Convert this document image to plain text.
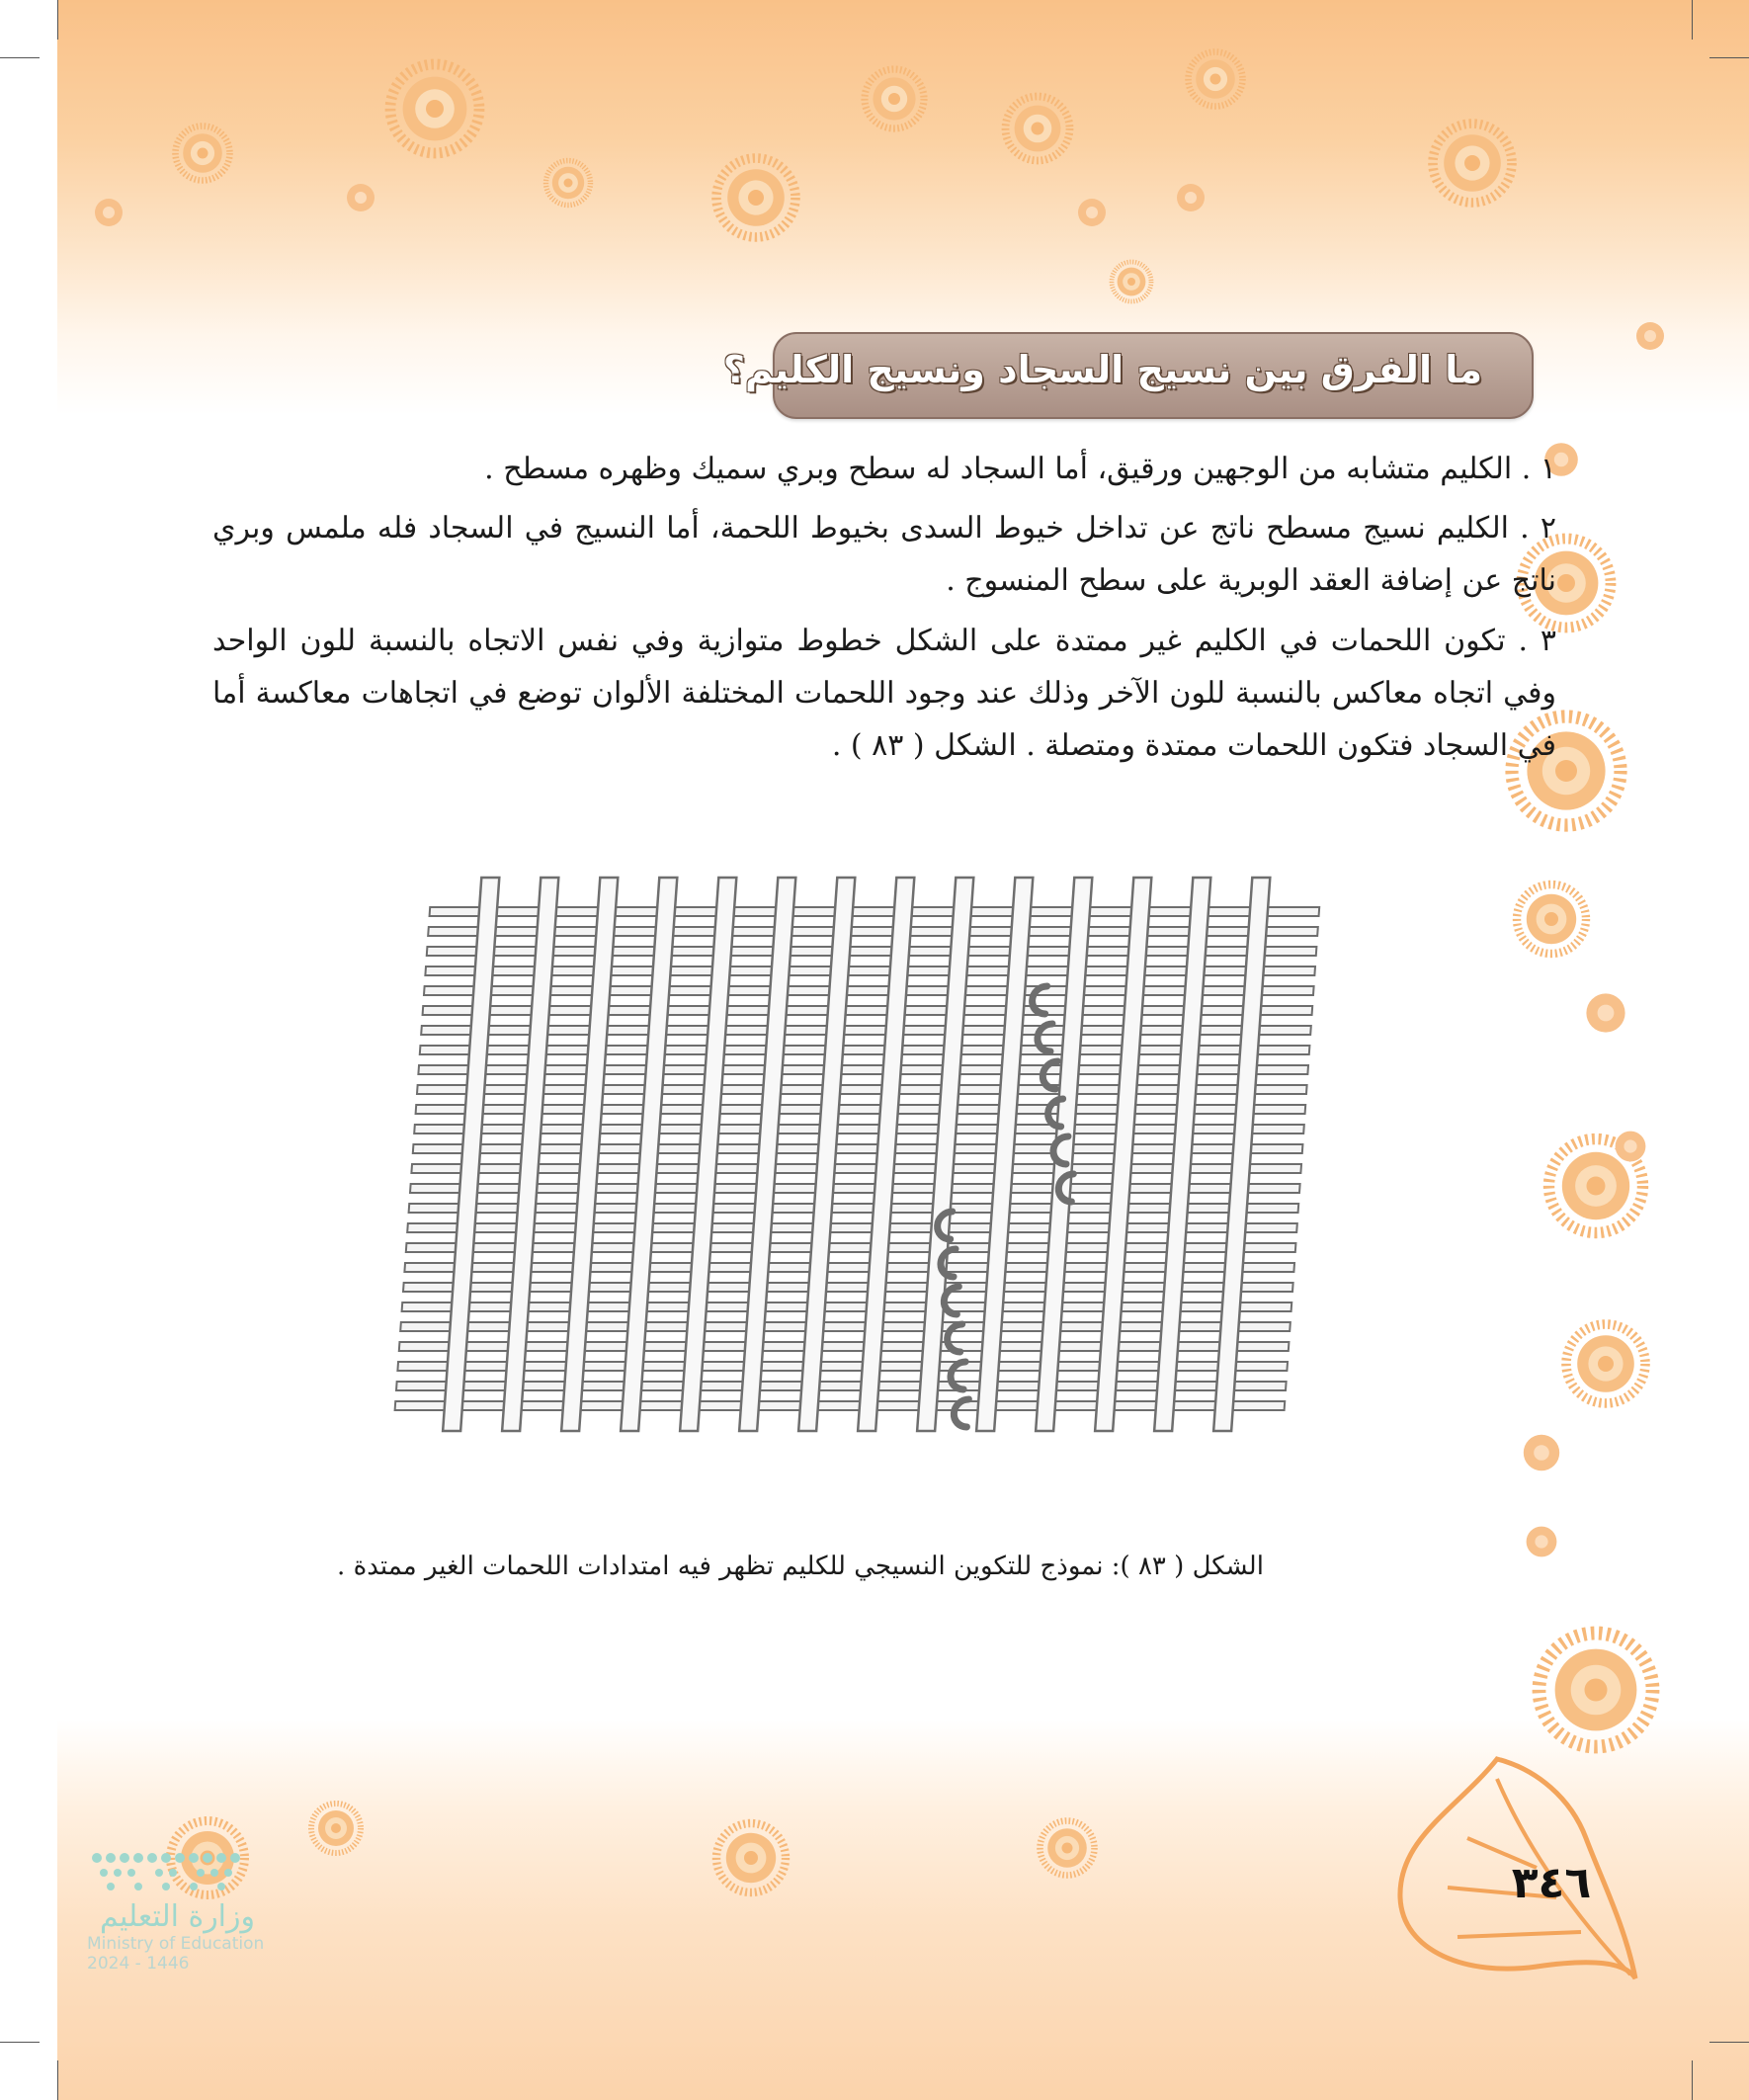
ما الفرق بين نسيج السجاد ونسيج الكليم؟
١ . الكليم متشابه من الوجهين ورقيق، أما السجاد له سطح وبري سميك وظهره مسطح .
٢ . الكليم نسيج مسطح ناتج عن تداخل خيوط السدى بخيوط اللحمة، أما النسيج في السجاد فله ملمس وبري ناتج عن إضافة العقد الوبرية على سطح المنسوج .
٣ . تكون اللحمات في الكليم غير ممتدة على الشكل خطوط متوازية وفي نفس الاتجاه بالنسبة للون الواحد وفي اتجاه معاكس بالنسبة للون الآخر وذلك عند وجود اللحمات المختلفة الألوان توضع في اتجاهات معاكسة أما في السجاد فتكون اللحمات ممتدة ومتصلة . الشكل ( ٨٣ ) .
الشكل ( ٨٣ ): نموذج للتكوين النسيجي للكليم تظهر فيه امتدادات اللحمات الغير ممتدة .
٣٤٦
وزارة التعليم
Ministry of Education
2024 - 1446
